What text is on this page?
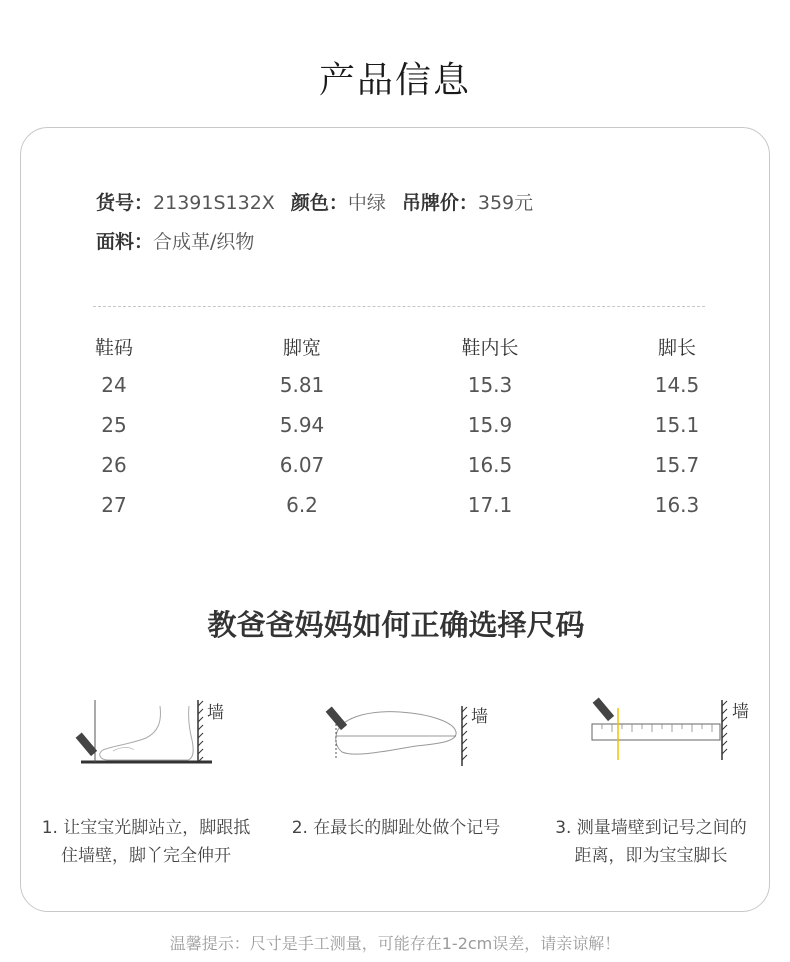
产品信息
货号：21391S132X 颜色：中绿 吊牌价：359元
面料：合成革/织物
鞋码	脚宽	鞋内长	脚长
24	5.81	15.3	14.5
25	5.94	15.9	15.1
26	6.07	16.5	15.7
27	6.2	17.1	16.3
教爸爸妈妈如何正确选择尺码
墙	墙	墙
1. 让宝宝光脚站立，脚跟抵
住墙壁，脚丫完全伸开
2. 在最长的脚趾处做个记号	3. 测量墙壁到记号之间的
距离，即为宝宝脚长
温馨提示：尺寸是手工测量，可能存在1-2cm误差，请亲谅解！
